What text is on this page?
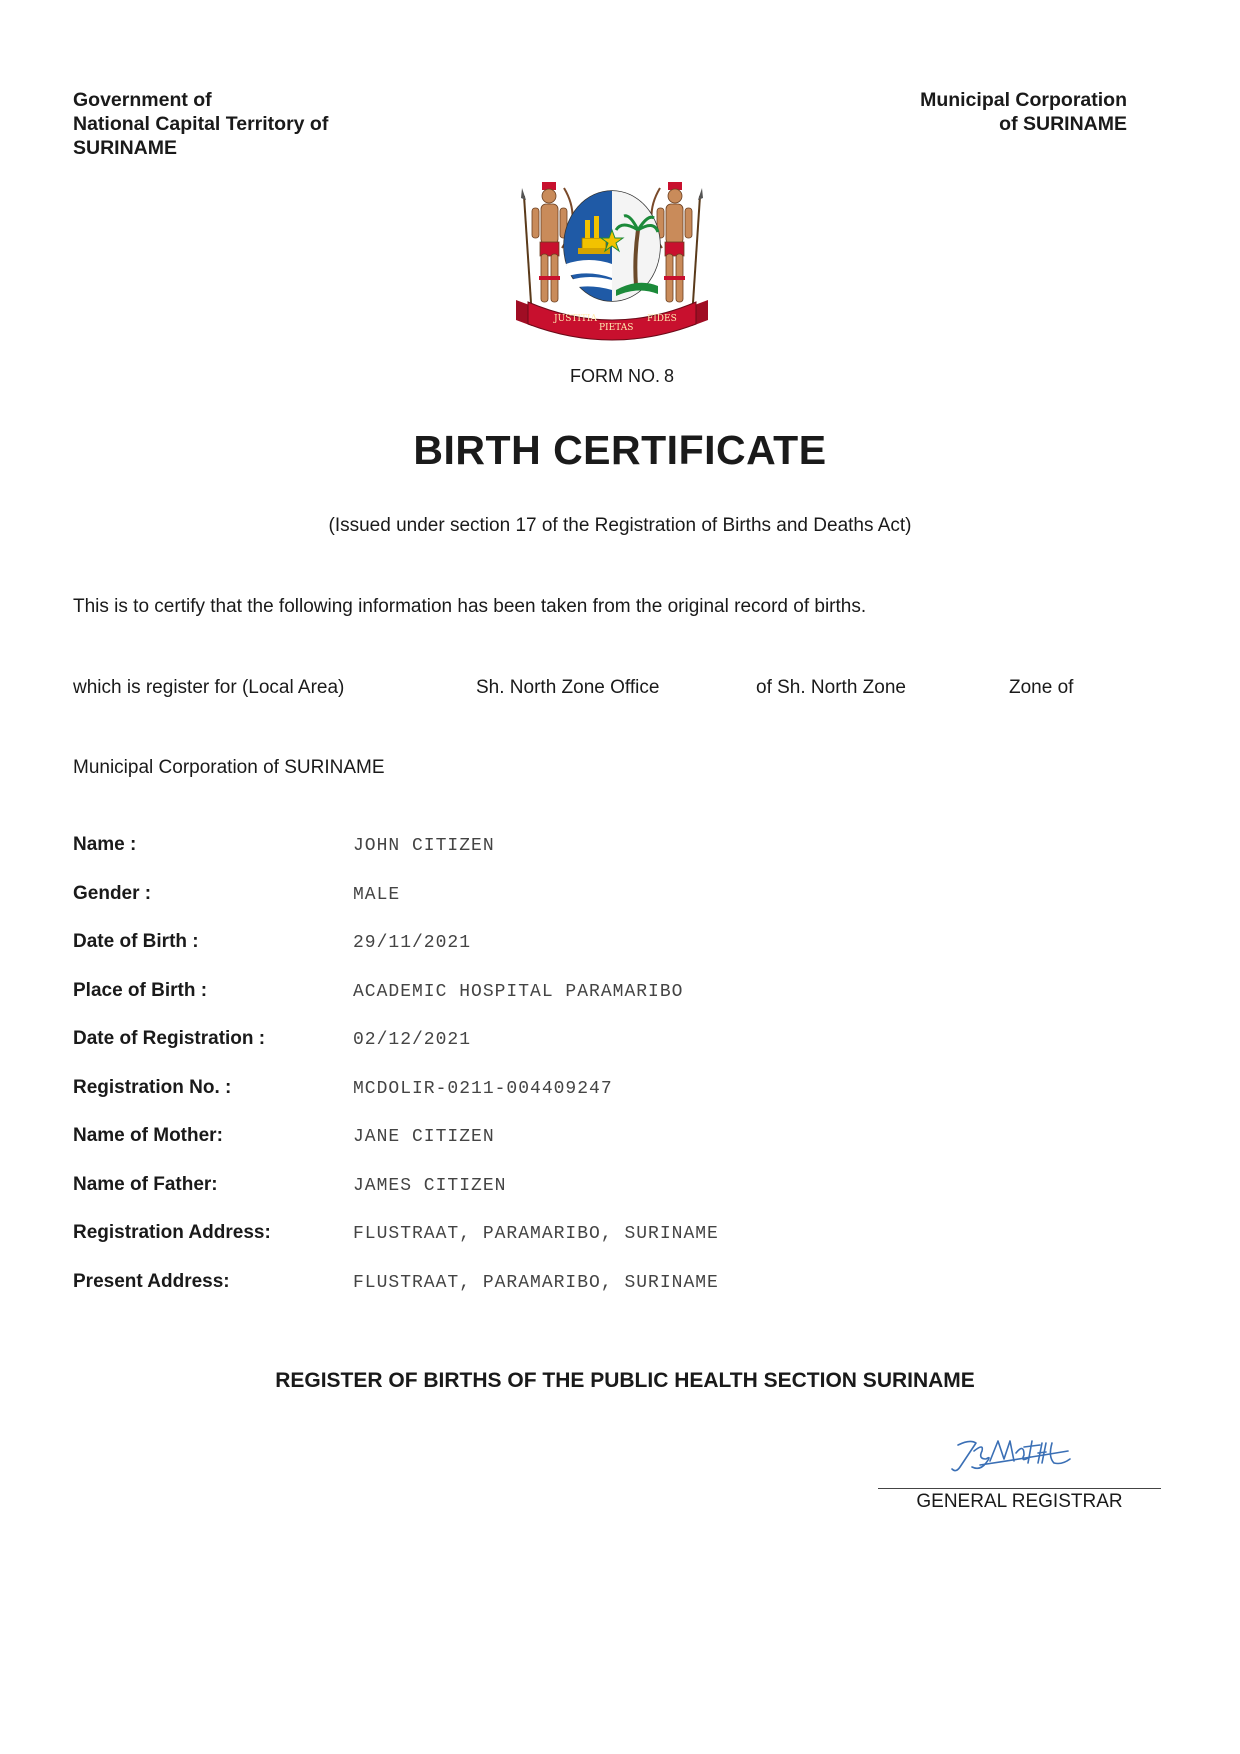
Government of
National Capital Territory of
SURINAME
Municipal Corporation
of SURINAME
JUSTITIA
PIETAS
FIDES
FORM NO. 8
BIRTH CERTIFICATE
(Issued under section 17 of the Registration of Births and Deaths Act)
This is to certify that the following information has been taken from the original record of births.
which is register for (Local Area)	Sh. North Zone Office	of Sh. North Zone	Zone of
Municipal Corporation of SURINAME
Name :	JOHN CITIZEN
Gender :	MALE
Date of Birth :	29/11/2021
Place of Birth :	ACADEMIC HOSPITAL PARAMARIBO
Date of Registration :	02/12/2021
Registration No. :	MCDOLIR-0211-004409247
Name of Mother:	JANE CITIZEN
Name of Father:	JAMES CITIZEN
Registration Address:	FLUSTRAAT, PARAMARIBO, SURINAME
Present Address:	FLUSTRAAT, PARAMARIBO, SURINAME
REGISTER OF BIRTHS OF THE PUBLIC HEALTH SECTION SURINAME
GENERAL REGISTRAR
